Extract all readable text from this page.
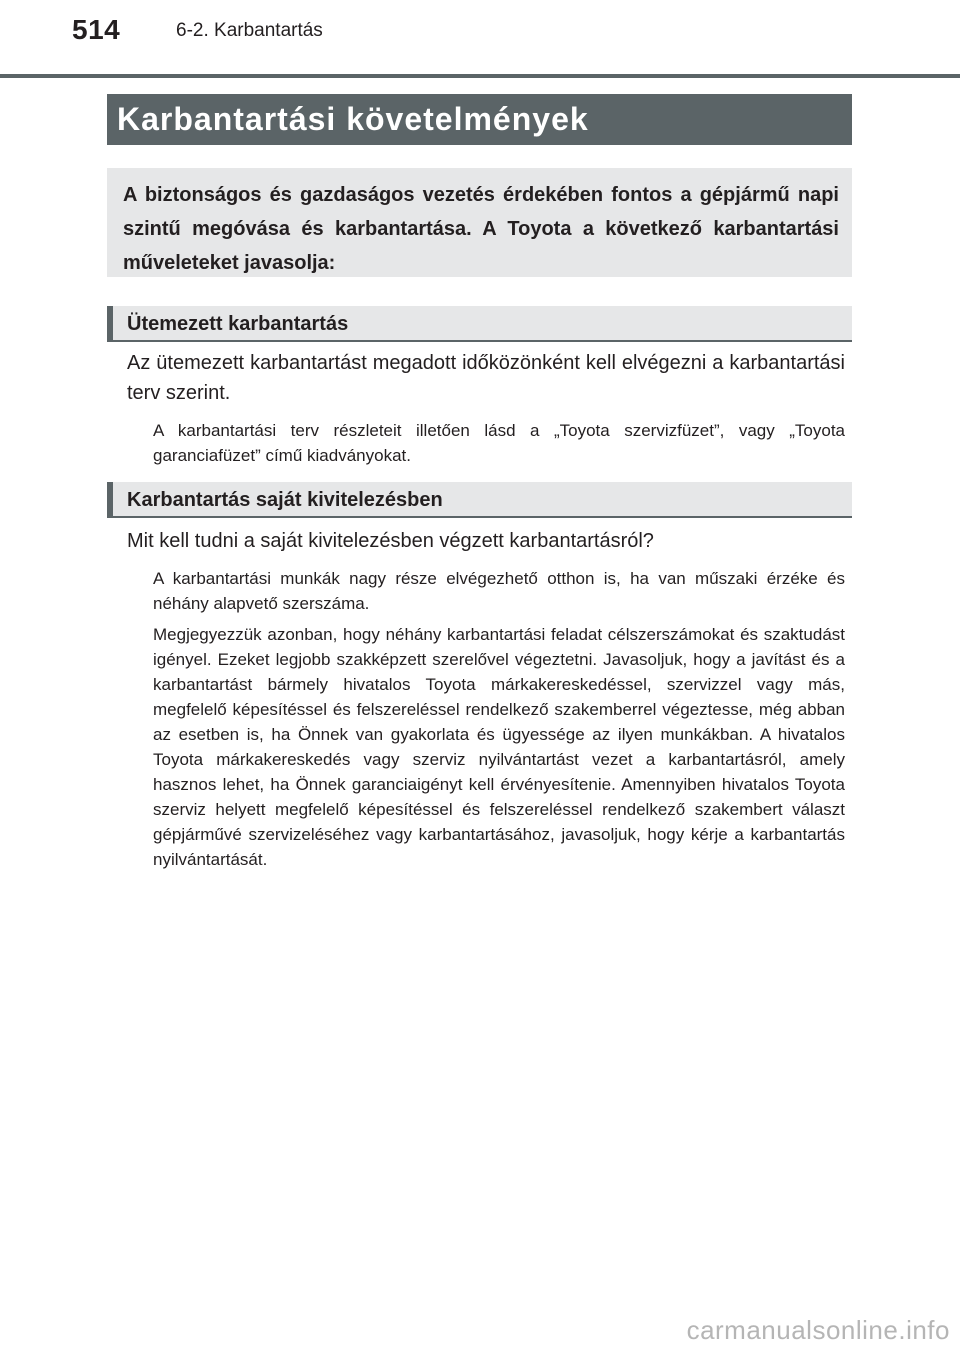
514	6-2. Karbantartás
Karbantartási követelmények
A biztonságos és gazdaságos vezetés érdekében fontos a gépjármű napi szintű megóvása és karbantartása. A Toyota a következő karbantartási műveleteket javasolja:
Ütemezett karbantartás
Az ütemezett karbantartást megadott időközönként kell elvégezni a karbantartási terv szerint.
A karbantartási terv részleteit illetően lásd a „Toyota szervizfüzet”, vagy „Toyota garanciafüzet” című kiadványokat.
Karbantartás saját kivitelezésben
Mit kell tudni a saját kivitelezésben végzett karbantartásról?
A karbantartási munkák nagy része elvégezhető otthon is, ha van műszaki érzéke és néhány alapvető szerszáma.
Megjegyezzük azonban, hogy néhány karbantartási feladat célszerszámokat és szaktudást igényel. Ezeket legjobb szakképzett szerelővel végeztetni. Javasoljuk, hogy a javítást és a karbantartást bármely hivatalos Toyota márkakereskedéssel, szervizzel vagy más, megfelelő képesítéssel és felszereléssel rendelkező szakemberrel végeztesse, még abban az esetben is, ha Önnek van gyakorlata és ügyessége az ilyen munkákban. A hivatalos Toyota márkakereskedés vagy szerviz nyilvántartást vezet a karbantartásról, amely hasznos lehet, ha Önnek garanciaigényt kell érvényesítenie. Amennyiben hivatalos Toyota szerviz helyett megfelelő képesítéssel és felszereléssel rendelkező szakembert választ gépjárművé szervizeléséhez vagy karbantartásához, javasoljuk, hogy kérje a karbantartás nyilvántartását.
carmanualsonline.info
